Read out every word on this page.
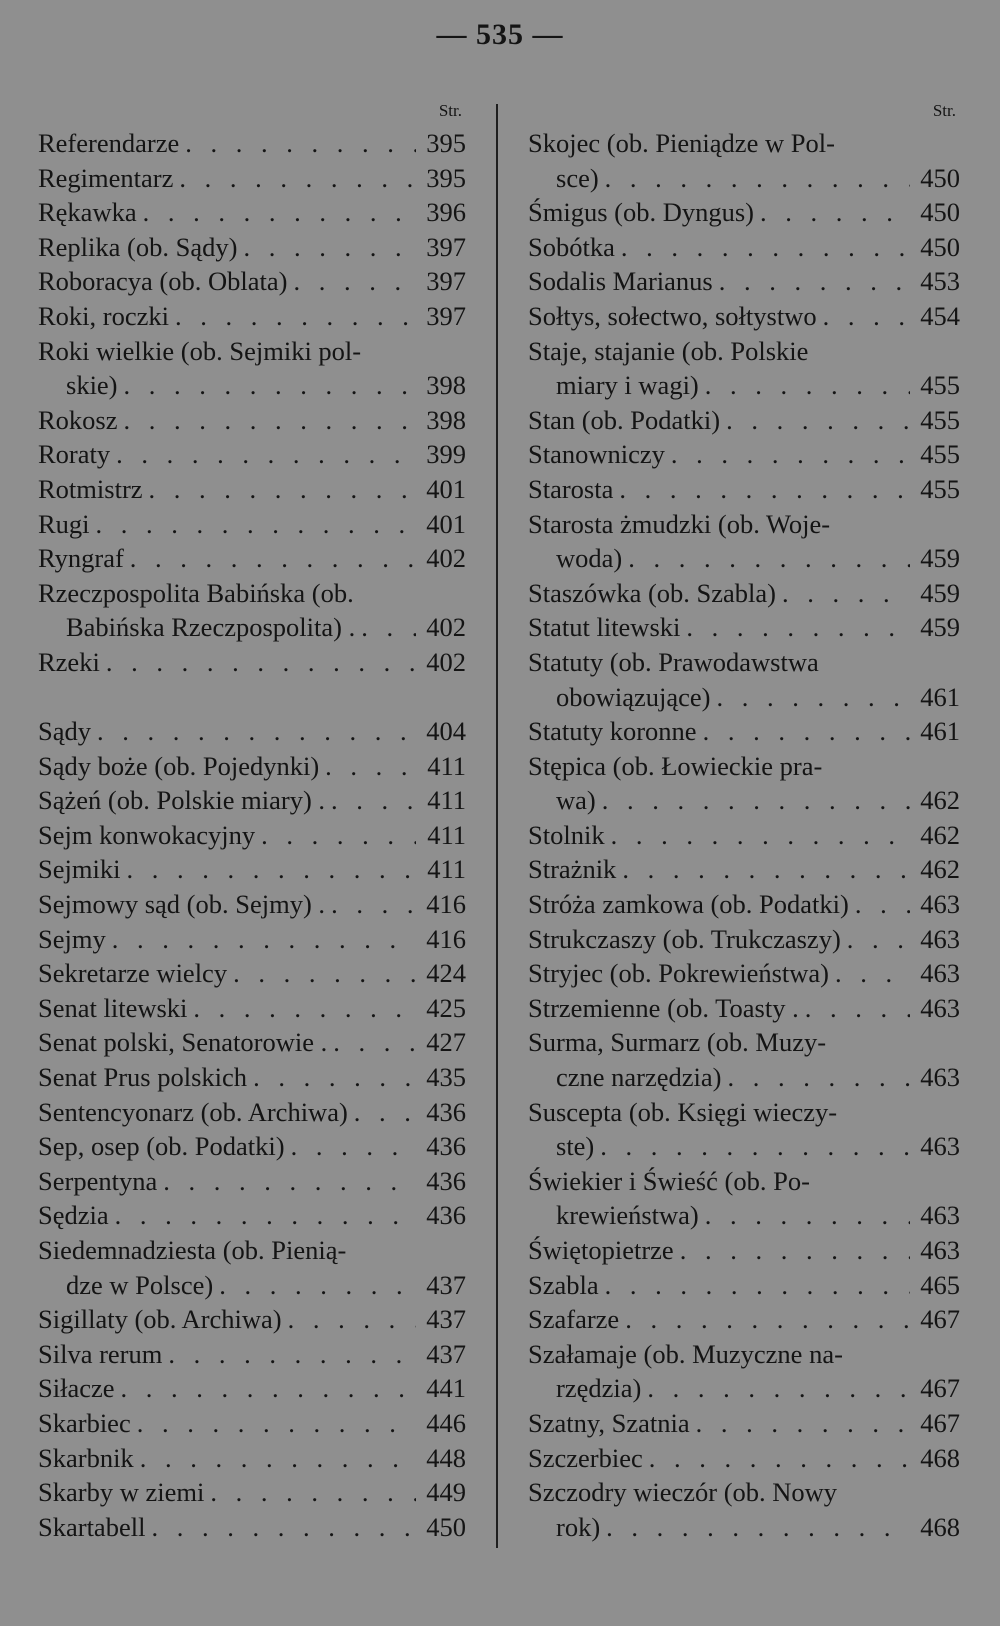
— 535 —
Str.
Referendarze . . .	395
Regimentarz . . .	395
Rękawka . . .	396
Replika (ob. Sądy) . . .	397
Roboracya (ob. Oblata) . . .	397
Roki, roczki . . .	397
Roki wielkie (ob. Sejmiki pol-
skie) . . .	398
Rokosz . . .	398
Roraty . . .	399
Rotmistrz . . .	401
Rugi . . .	401
Ryngraf . . .	402
Rzeczpospolita Babińska (ob.
Babińska Rzeczpospolita) . . . .	402
Rzeki . . .	402
Sądy . . .	404
Sądy boże (ob. Pojedynki) . . .	411
Sążeń (ob. Polskie miary) . . . .	411
Sejm konwokacyjny . . .	411
Sejmiki . . .	411
Sejmowy sąd (ob. Sejmy) . . . .	416
Sejmy . . .	416
Sekretarze wielcy . . .	424
Senat litewski . . .	425
Senat polski, Senatorowie . . . .	427
Senat Prus polskich . . .	435
Sentencyonarz (ob. Archiwa) . . .	436
Sep, osep (ob. Podatki) . . .	436
Serpentyna . . .	436
Sędzia . . .	436
Siedemnadziesta (ob. Pienią-
dze w Polsce) . . .	437
Sigillaty (ob. Archiwa) . . .	437
Silva rerum . . .	437
Siłacze . . .	441
Skarbiec . . .	446
Skarbnik . . .	448
Skarby w ziemi . . .	449
Skartabell . . .	450
Str.
Skojec (ob. Pieniądze w Pol-
sce) . . .	450
Śmigus (ob. Dyngus) . . .	450
Sobótka . . .	450
Sodalis Marianus . . .	453
Sołtys, sołectwo, sołtystwo . . .	454
Staje, stajanie (ob. Polskie
miary i wagi) . . .	455
Stan (ob. Podatki) . . .	455
Stanowniczy . . .	455
Starosta . . .	455
Starosta żmudzki (ob. Woje-
woda) . . .	459
Staszówka (ob. Szabla) . . .	459
Statut litewski . . .	459
Statuty (ob. Prawodawstwa
obowiązujące) . . .	461
Statuty koronne . . .	461
Stępica (ob. Łowieckie pra-
wa) . . .	462
Stolnik . . .	462
Strażnik . . .	462
Stróża zamkowa (ob. Podatki) . . .	463
Strukczaszy (ob. Trukczaszy) . . .	463
Stryjec (ob. Pokrewieństwa) . . .	463
Strzemienne (ob. Toasty . . . .	463
Surma, Surmarz (ob. Muzy-
czne narzędzia) . . .	463
Suscepta (ob. Księgi wieczy-
ste) . . .	463
Świekier i Świeść (ob. Po-
krewieństwa) . . .	463
Świętopietrze . . .	463
Szabla . . .	465
Szafarze . . .	467
Szałamaje (ob. Muzyczne na-
rzędzia) . . .	467
Szatny, Szatnia . . .	467
Szczerbiec . . .	468
Szczodry wieczór (ob. Nowy
rok) . . .	468
